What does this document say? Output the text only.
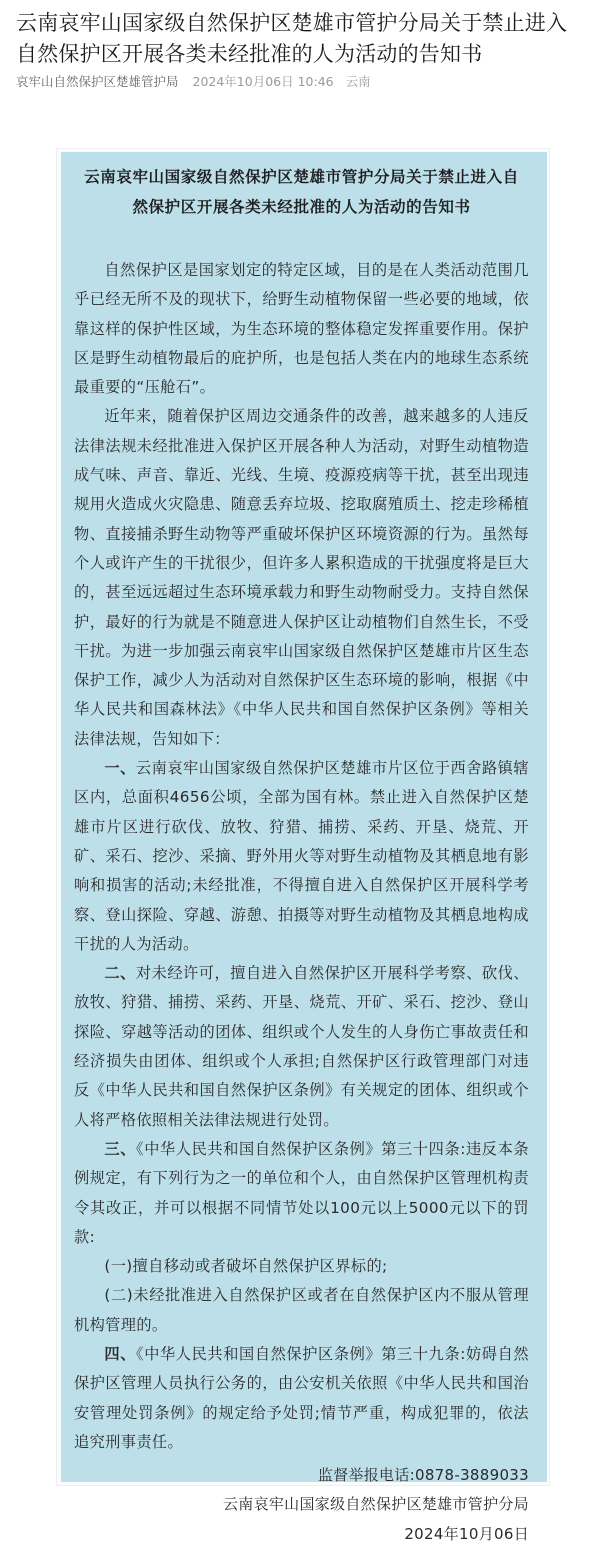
云南哀牢山国家级自然保护区楚雄市管护分局关于禁止进入自然保护区开展各类未经批准的人为活动的告知书
哀牢山自然保护区楚雄管护局 2024年10月06日 10:46 云南

云南哀牢山国家级自然保护区楚雄市管护分局关于禁止进入自然保护区开展各类未经批准的人为活动的告知书

自然保护区是国家划定的特定区域，目的是在人类活动范围几乎已经无所不及的现状下，给野生动植物保留一些必要的地域，依靠这样的保护性区域，为生态环境的整体稳定发挥重要作用。保护区是野生动植物最后的庇护所，也是包括人类在内的地球生态系统最重要的“压舱石”。

近年来，随着保护区周边交通条件的改善，越来越多的人违反法律法规未经批准进入保护区开展各种人为活动，对野生动植物造成气味、声音、靠近、光线、生境、疫源疫病等干扰，甚至出现违规用火造成火灾隐患、随意丢弃垃圾、挖取腐殖质土、挖走珍稀植物、直接捕杀野生动物等严重破坏保护区环境资源的行为。虽然每个人或许产生的干扰很少，但许多人累积造成的干扰强度将是巨大的，甚至远远超过生态环境承载力和野生动物耐受力。支持自然保护，最好的行为就是不随意进人保护区让动植物们自然生长，不受干扰。为进一步加强云南哀牢山国家级自然保护区楚雄市片区生态保护工作，减少人为活动对自然保护区生态环境的影响，根据《中华人民共和国森林法》《中华人民共和国自然保护区条例》等相关法律法规，告知如下：

一、云南哀牢山国家级自然保护区楚雄市片区位于西舍路镇辖区内，总面积4656公顷，全部为国有林。禁止进入自然保护区楚雄市片区进行砍伐、放牧、狩猎、捕捞、采药、开垦、烧荒、开矿、采石、挖沙、采摘、野外用火等对野生动植物及其栖息地有影响和损害的活动;未经批准，不得擅自进入自然保护区开展科学考察、登山探险、穿越、游憩、拍摄等对野生动植物及其栖息地构成干扰的人为活动。

二、对未经许可，擅自进入自然保护区开展科学考察、砍伐、放牧、狩猎、捕捞、采药、开垦、烧荒、开矿、采石、挖沙、登山探险、穿越等活动的团体、组织或个人发生的人身伤亡事故责任和经济损失由团体、组织或个人承担;自然保护区行政管理部门对违反《中华人民共和国自然保护区条例》有关规定的团体、组织或个人将严格依照相关法律法规进行处罚。

三、《中华人民共和国自然保护区条例》第三十四条:违反本条例规定，有下列行为之一的单位和个人，由自然保护区管理机构责令其改正，并可以根据不同情节处以100元以上5000元以下的罚款:

(一)擅自移动或者破坏自然保护区界标的;

(二)未经批准进入自然保护区或者在自然保护区内不服从管理机构管理的。

四、《中华人民共和国自然保护区条例》第三十九条:妨碍自然保护区管理人员执行公务的，由公安机关依照《中华人民共和国治安管理处罚条例》的规定给予处罚;情节严重，构成犯罪的，依法追究刑事责任。

监督举报电话:0878-3889033

云南哀牢山国家级自然保护区楚雄市管护分局

2024年10月06日
